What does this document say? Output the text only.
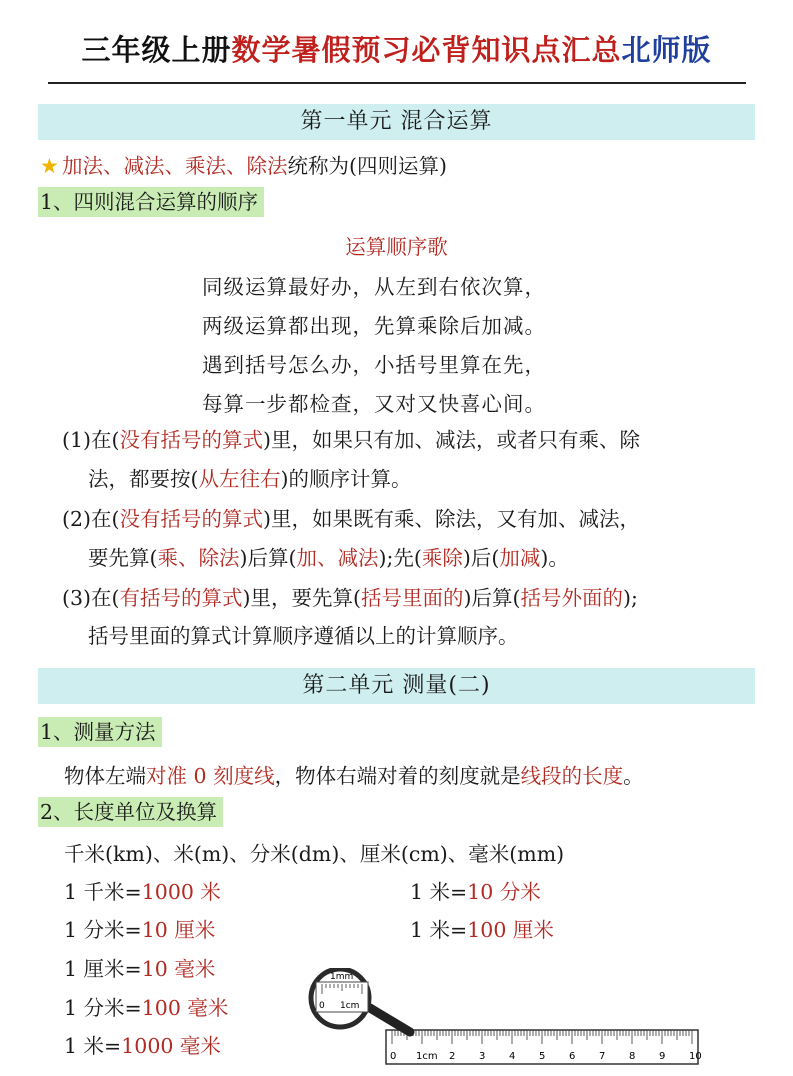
三年级上册数学暑假预习必背知识点汇总北师版
第一单元 混合运算
★ 加法、减法、乘法、除法统称为(四则运算)
1、四则混合运算的顺序
运算顺序歌
同级运算最好办，从左到右依次算，
两级运算都出现，先算乘除后加减。
遇到括号怎么办，小括号里算在先，
每算一步都检查，又对又快喜心间。
(1)在(没有括号的算式)里，如果只有加、减法，或者只有乘、除
法，都要按(从左往右)的顺序计算。
(2)在(没有括号的算式)里，如果既有乘、除法，又有加、减法，
要先算(乘、除法)后算(加、减法);先(乘除)后(加减)。
(3)在(有括号的算式)里，要先算(括号里面的)后算(括号外面的);
括号里面的算式计算顺序遵循以上的计算顺序。
第二单元 测量(二)
1、测量方法
物体左端对准 0 刻度线，物体右端对着的刻度就是线段的长度。
2、长度单位及换算
千米(km)、米(m)、分米(dm)、厘米(cm)、毫米(mm)
1 千米=1000 米	1 米=10 分米
1 分米=10 厘米	1 米=100 厘米
1 厘米=10 毫米
1 分米=100 毫米
1 米=1000 毫米	0 1cm 2 3 4 5 6 7 8 9 10
1mm
0 1cm
